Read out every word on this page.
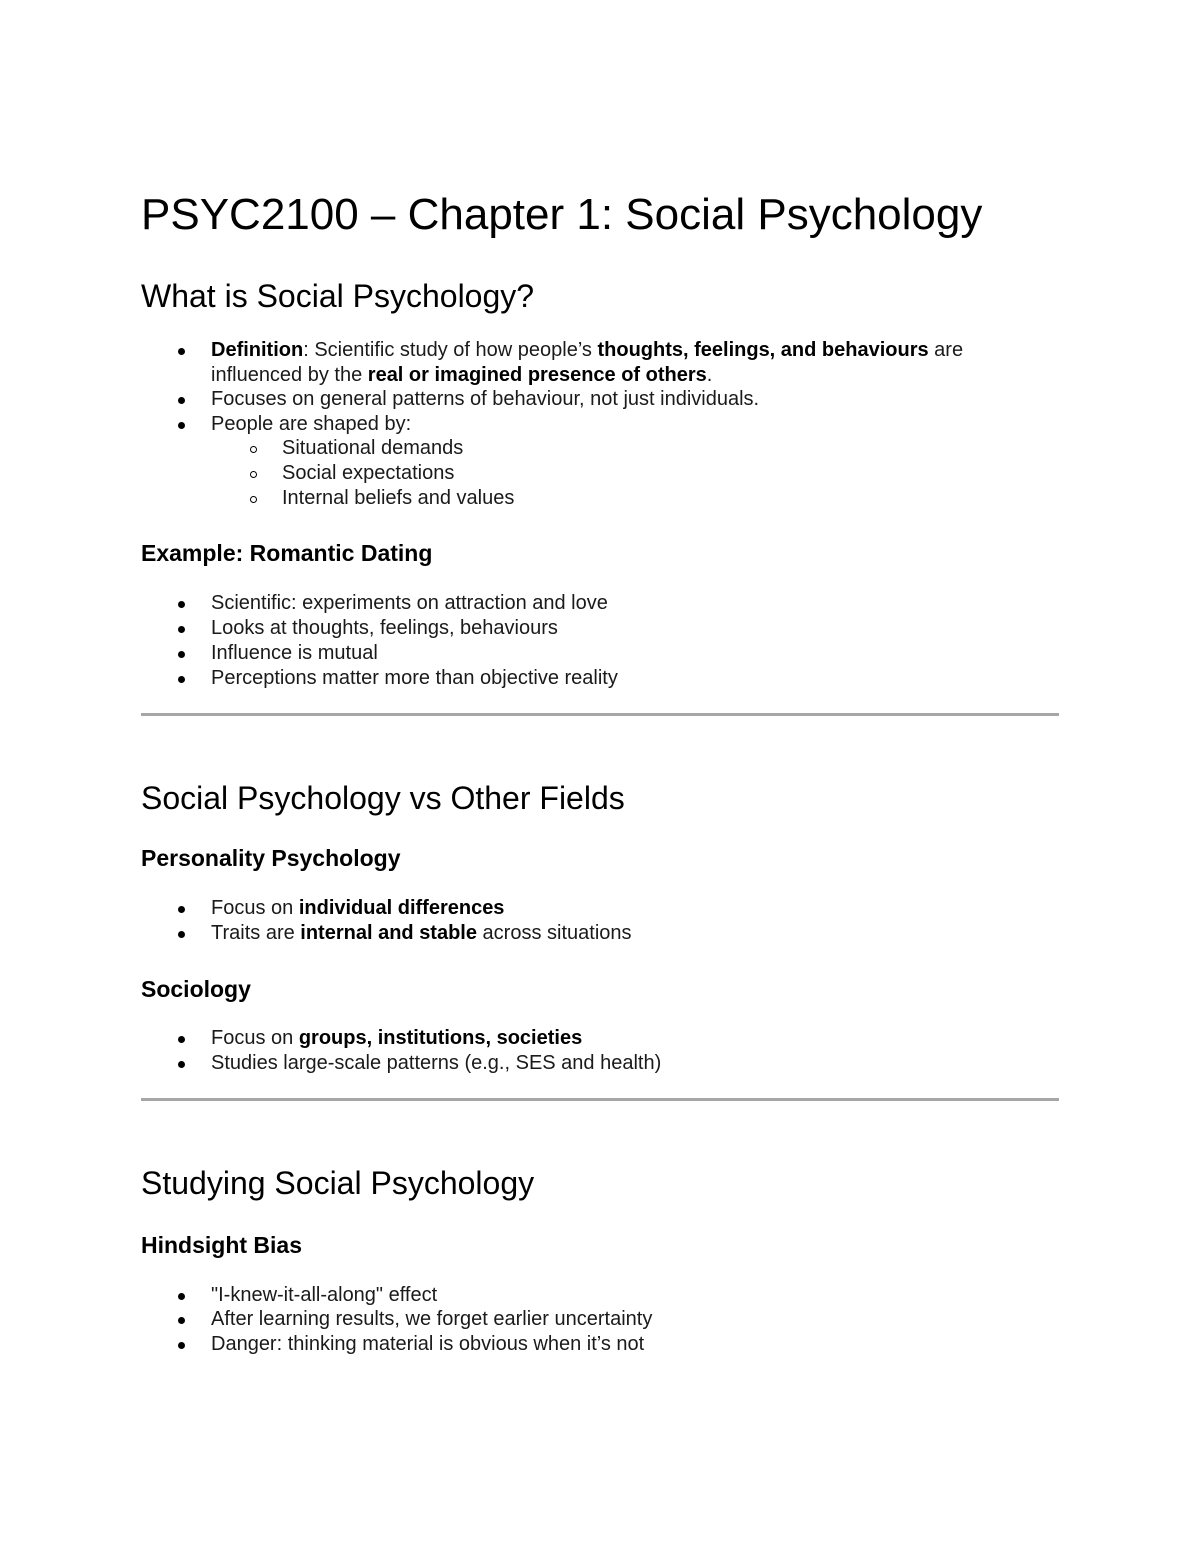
PSYC2100 – Chapter 1: Social Psychology
What is Social Psychology?

Definition: Scientific study of how people’s thoughts, feelings, and behaviours are

influenced by the real or imagined presence of others.

Focuses on general patterns of behaviour, not just individuals.

People are shaped by:

Situational demands

Social expectations

Internal beliefs and values

Example: Romantic Dating

Scientific: experiments on attraction and love

Looks at thoughts, feelings, behaviours

Influence is mutual

Perceptions matter more than objective reality

Social Psychology vs Other Fields
Personality Psychology

Focus on individual differences

Traits are internal and stable across situations

Sociology

Focus on groups, institutions, societies

Studies large-scale patterns (e.g., SES and health)

Studying Social Psychology
Hindsight Bias

"I-knew-it-all-along" effect

After learning results, we forget earlier uncertainty

Danger: thinking material is obvious when it’s not
